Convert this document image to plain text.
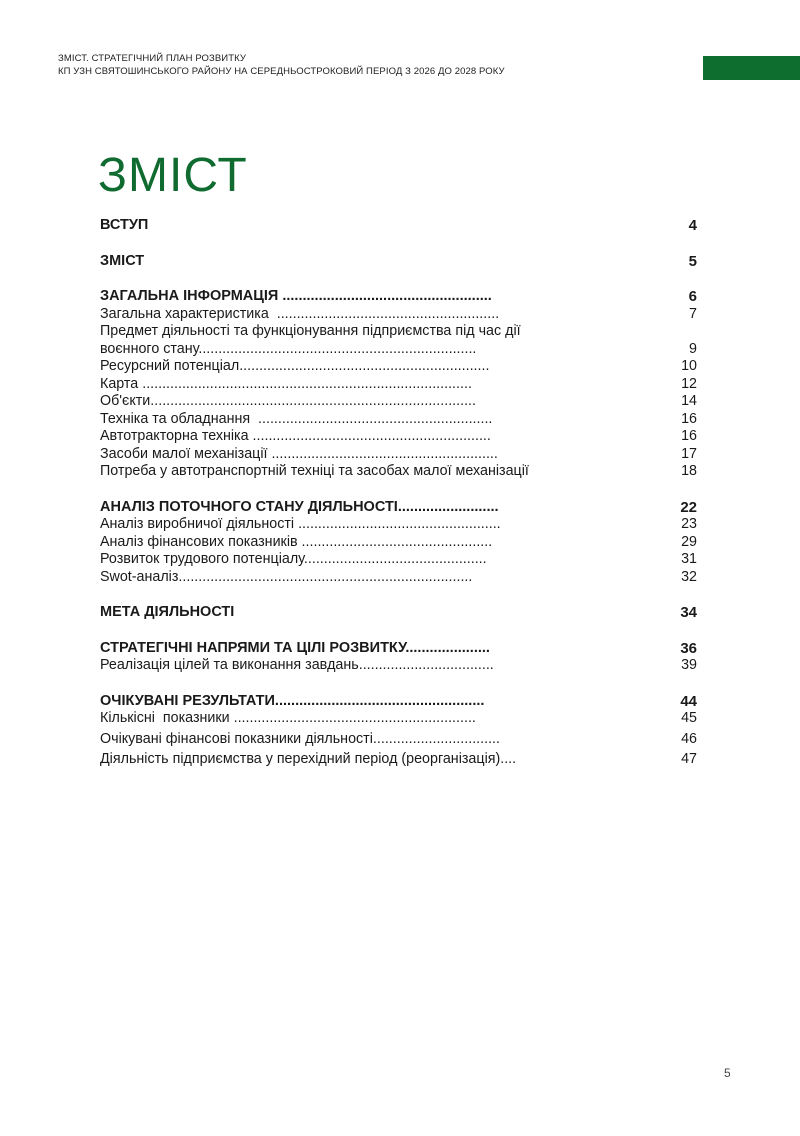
ЗМІСТ. СТРАТЕГІЧНИЙ ПЛАН РОЗВИТКУ
КП УЗН СВЯТОШИНСЬКОГО РАЙОНУ НА СЕРЕДНЬОСТРОКОВИЙ ПЕРІОД З 2026 ДО 2028 РОКУ
ЗМІСТ
ВСТУП	4
ЗМІСТ	5
ЗАГАЛЬНА ІНФОРМАЦІЯ ....................................................	6
Загальна характеристика  ........................................................	7
Предмет діяльності та функціонування підприємства під час дії
воєнного стану......................................................................	9
Ресурсний потенціал...............................................................	10
Карта ...................................................................................	12
Об'єкти..................................................................................	14
Техніка та обладнання  ...........................................................	16
Автотракторна техніка ............................................................	16
Засоби малої механізації .........................................................	17
Потреба у автотранспортній техніці та засобах малої механізації	18
АНАЛІЗ ПОТОЧНОГО СТАНУ ДІЯЛЬНОСТІ.........................	22
Аналіз виробничої діяльності ...................................................	23
Аналіз фінансових показників ................................................	29
Розвиток трудового потенціалу..............................................	31
Swot-аналіз..........................................................................	32
МЕТА ДІЯЛЬНОСТІ	34
СТРАТЕГІЧНІ НАПРЯМИ ТА ЦІЛІ РОЗВИТКУ.....................	36
Реалізація цілей та виконання завдань..................................	39
ОЧІКУВАНІ РЕЗУЛЬТАТИ....................................................	44
Кількісні  показники .............................................................	45
Очікувані фінансові показники діяльності................................	46
Діяльність підприємства у перехідний період (реорганізація)....	47
5
